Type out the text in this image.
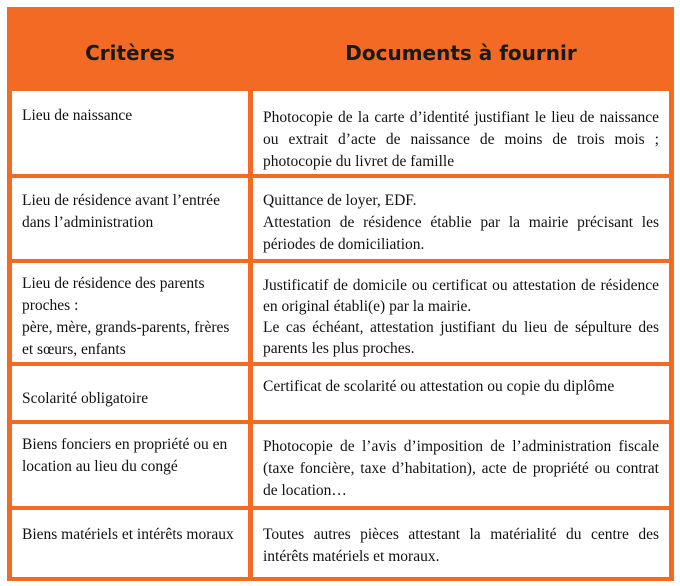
Critères	Documents à fournir
Lieu de naissance	Photocopie de la carte d’identité justifiant le lieu de naissance ou extrait d’acte de naissance de moins de trois mois ; photocopie du livret de famille
Lieu de résidence avant l’entrée dans l’administration
Quittance de loyer, EDF.
Attestation de résidence établie par la mairie précisant les périodes de domiciliation.
Lieu de résidence des parents proches :
père, mère, grands-parents, frères et sœurs, enfants
Justificatif de domicile ou certificat ou attestation de résidence en original établi(e) par la mairie.
Le cas échéant, attestation justifiant du lieu de sépulture des parents les plus proches.
Scolarité obligatoire
Certificat de scolarité ou attestation ou copie du diplôme
Biens fonciers en propriété ou en location au lieu du congé
Photocopie de l’avis d’imposition de l’administration fiscale (taxe foncière, taxe d’habitation), acte de propriété ou contrat de location…
Biens matériels et intérêts moraux Toutes autres pièces attestant la matérialité du centre des intérêts matériels et moraux.
